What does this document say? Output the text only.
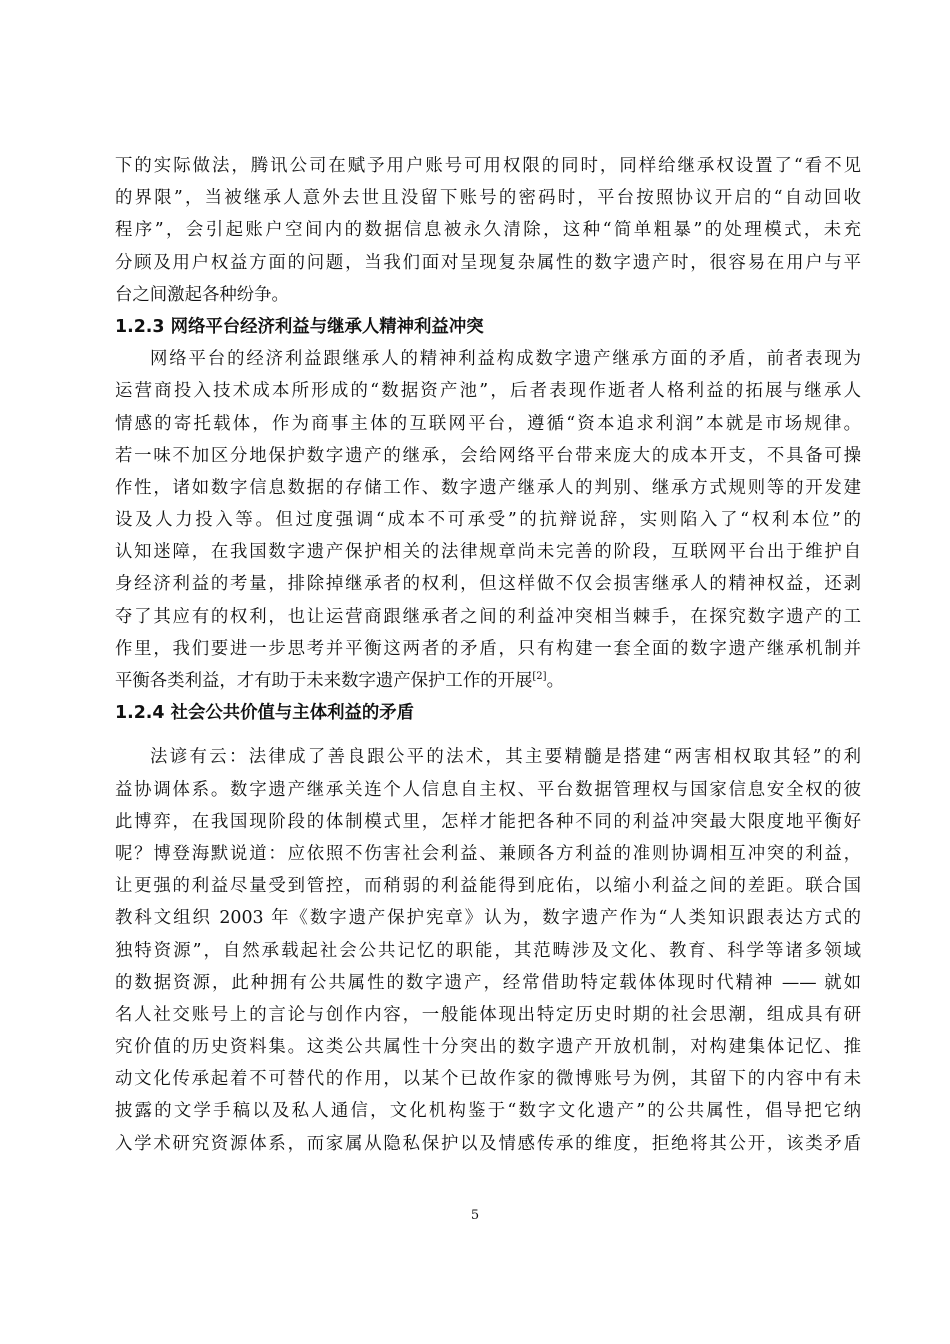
下的实际做法，腾讯公司在赋予用户账号可用权限的同时，同样给继承权设置了“看不见
的界限”，当被继承人意外去世且没留下账号的密码时，平台按照协议开启的“自动回收
程序”，会引起账户空间内的数据信息被永久清除，这种“简单粗暴”的处理模式，未充
分顾及用户权益方面的问题，当我们面对呈现复杂属性的数字遗产时，很容易在用户与平
台之间激起各种纷争。
1.2.3 网络平台经济利益与继承人精神利益冲突
网络平台的经济利益跟继承人的精神利益构成数字遗产继承方面的矛盾，前者表现为
运营商投入技术成本所形成的“数据资产池”，后者表现作逝者人格利益的拓展与继承人
情感的寄托载体，作为商事主体的互联网平台，遵循“资本追求利润”本就是市场规律。
若一味不加区分地保护数字遗产的继承，会给网络平台带来庞大的成本开支，不具备可操
作性，诸如数字信息数据的存储工作、数字遗产继承人的判别、继承方式规则等的开发建
设及人力投入等。但过度强调“成本不可承受”的抗辩说辞，实则陷入了“权利本位”的
认知迷障，在我国数字遗产保护相关的法律规章尚未完善的阶段，互联网平台出于维护自
身经济利益的考量，排除掉继承者的权利，但这样做不仅会损害继承人的精神权益，还剥
夺了其应有的权利，也让运营商跟继承者之间的利益冲突相当棘手，在探究数字遗产的工
作里，我们要进一步思考并平衡这两者的矛盾，只有构建一套全面的数字遗产继承机制并
平衡各类利益，才有助于未来数字遗产保护工作的开展[2]。
1.2.4 社会公共价值与主体利益的矛盾
法谚有云：法律成了善良跟公平的法术，其主要精髓是搭建“两害相权取其轻”的利
益协调体系。数字遗产继承关连个人信息自主权、平台数据管理权与国家信息安全权的彼
此博弈，在我国现阶段的体制模式里，怎样才能把各种不同的利益冲突最大限度地平衡好
呢？博登海默说道：应依照不伤害社会利益、兼顾各方利益的准则协调相互冲突的利益，
让更强的利益尽量受到管控，而稍弱的利益能得到庇佑，以缩小利益之间的差距。联合国
教科文组织 2003 年《数字遗产保护宪章》认为，数字遗产作为“人类知识跟表达方式的
独特资源”，自然承载起社会公共记忆的职能，其范畴涉及文化、教育、科学等诸多领域
的数据资源，此种拥有公共属性的数字遗产，经常借助特定载体体现时代精神 —— 就如
名人社交账号上的言论与创作内容，一般能体现出特定历史时期的社会思潮，组成具有研
究价值的历史资料集。这类公共属性十分突出的数字遗产开放机制，对构建集体记忆、推
动文化传承起着不可替代的作用，以某个已故作家的微博账号为例，其留下的内容中有未
披露的文学手稿以及私人通信，文化机构鉴于“数字文化遗产”的公共属性，倡导把它纳
入学术研究资源体系，而家属从隐私保护以及情感传承的维度，拒绝将其公开，该类矛盾
5
